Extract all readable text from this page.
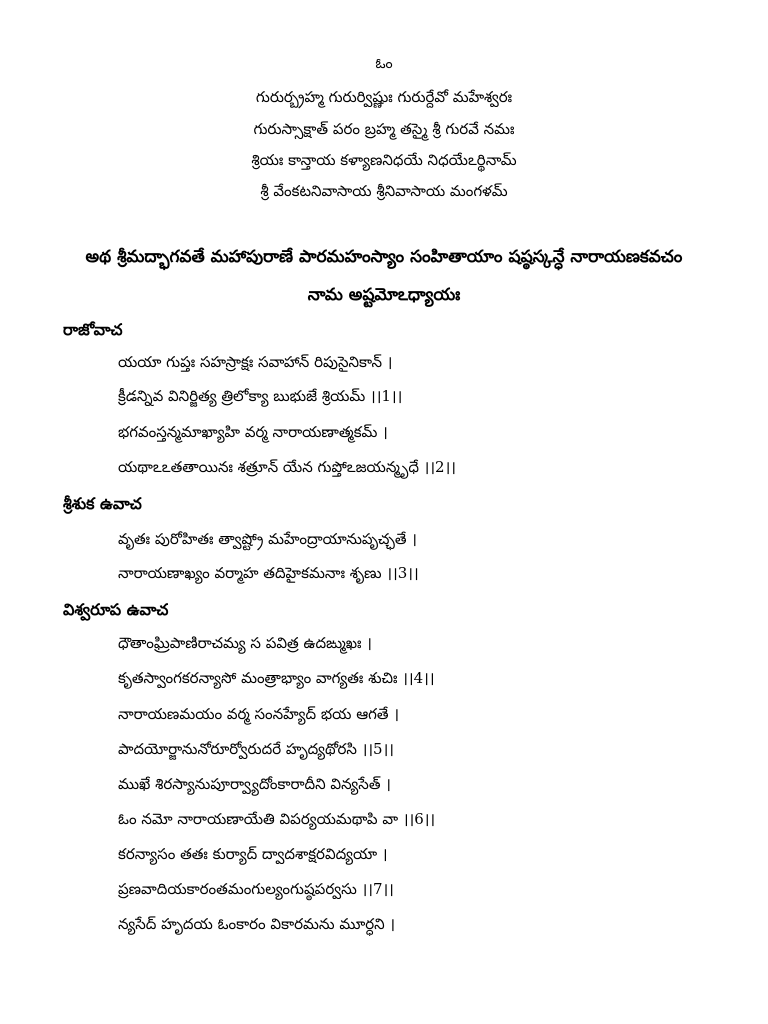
ఓం
గురుర్బ్రహ్మ గురుర్విష్ణుః గురుర్దేవో మహేశ్వరః
గురుస్సాక్షాత్ పరం బ్రహ్మ తస్మై శ్రీ గురవే నమః
శ్రియః కాన్తాయ కళ్యాణనిధయే నిధయేఽర్థినామ్
శ్రీ వేంకటనివాసాయ శ్రీనివాసాయ మంగళమ్
అథ శ్రీమద్భాగవతే మహాపురాణే పారమహంస్యాం సంహితాయాం షష్ఠస్కన్ధే నారాయణకవచం
నామ అష్టమోఽధ్యాయః
రాజోవాచ
యయా గుప్తః సహస్రాక్షః సవాహాన్ రిపుసైనికాన్ ।
క్రీడన్నివ వినిర్జిత్య త్రిలోక్యా బుభుజే శ్రియమ్ ।।1।।
భగవంస్తన్మమాఖ్యాహి వర్మ నారాయణాత్మకమ్ ।
యథాఽఽతతాయినః శత్రూన్ యేన గుప్తోఽజయన్మృధే ।।2।।
శ్రీశుక ఉవాచ
వృతః పురోహితః త్వాష్ట్రో మహేంద్రాయానుపృచ్ఛతే ।
నారాయణాఖ్యం వర్మాహ తదిహైకమనాః శృణు ।।3।।
విశ్వరూప ఉవాచ
ధౌతాంఘ్రిపాణిరాచమ్య స పవిత్ర ఉదఙ్ముఖః ।
కృతస్వాంగకరన్యాసో మంత్రాభ్యాం వాగ్యతః శుచిః ।।4।।
నారాయణమయం వర్మ సంనహ్యేద్ భయ ఆగతే ।
పాదయోర్జానునోరూర్వోరుదరే హృద్యథోరసి ।।5।।
ముఖే శిరస్యానుపూర్వ్యాదోంకారాదీని విన్యసేత్ ।
ఓం నమో నారాయణాయేతి విపర్యయమథాపి వా ।।6।।
కరన్యాసం తతః కుర్యాద్ ద్వాదశాక్షరవిద్యయా ।
ప్రణవాదియకారంతమంగుల్యంగుష్ఠపర్వసు ।।7।।
న్యసేద్ హృదయ ఓంకారం వికారమను మూర్ధని ।
